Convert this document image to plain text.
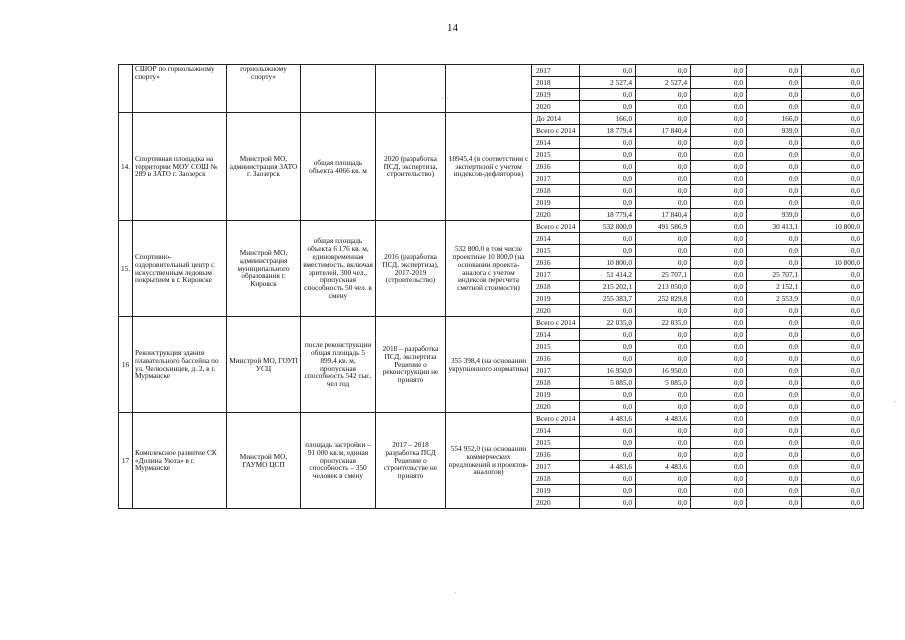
14
	СШОР по горнолыжному спорту»	горнолыжному спорту»				2017	0,0	0,0	0,0	0,0	0,0
						2018	2 527,4	2 527,4	0,0	0,0	0,0
						2019	0,0	0,0	0,0	0,0	0,0
						2020	0,0	0,0	0,0	0,0	0,0
14.	Спортивная площадка на территории МОУ СОШ № 289 в ЗАТО г. Заозерск	Минстрой МО, администрация ЗАТО г. Заозерск	общая площадь объекта 4066 кв. м	2020 (разработка ПСД, экспертиза, строительство)	18945,4 (в соответствии с экспертизой с учетом индексов-дефляторов)	До 2014	166,0	0,0	0,0	166,0	0,0
						Всего с 2014	18 779,4	17 840,4	0,0	939,0	0,0
						2014	0,0	0,0	0,0	0,0	0,0
						2015	0,0	0,0	0,0	0,0	0,0
						2016	0,0	0,0	0,0	0,0	0,0
						2017	0,0	0,0	0,0	0,0	0,0
						2018	0,0	0,0	0,0	0,0	0,0
						2019	0,0	0,0	0,0	0,0	0,0
						2020	18 779,4	17 840,4	0,0	939,0	0,0
15.	Спортивно-оздоровительный центр с искусственным ледовым покрытием в г. Кировске	Минстрой МО, администрация муниципального образования г. Кировск	общая площадь объекта 6 176 кв. м, единовременная вместимость, включая зрителей, 300 чел., пропускная способность 50 чел. в смену	2016 (разработка ПСД, экспертиза), 2017-2019 (строительство)	532 800,0 в том числе проектные 10 800,0 (на основании проекта-аналога с учетом индексов пересчета сметной стоимости)	Всего с 2014	532 800,0	491 586,9	0,0	30 413,1	10 800,0
						2014	0,0	0,0	0,0	0,0	0,0
						2015	0,0	0,0	0,0	0,0	0,0
						2016	10 800,0	0,0	0,0	0,0	10 800,0
						2017	51 414,2	25 707,1	0,0	25 707,1	0,0
						2018	215 202,1	213 050,0	0,0	2 152,1	0,0
						2019	255 383,7	252 829,8	0,0	2 553,9	0,0
						2020	0,0	0,0	0,0	0,0	0,0
16	Реконструкция здания плавательного бассейна по ул. Челюскинцев, д. 2, в г. Мурманске	Минстрой МО, ГОУП УСЦ	после реконструкции общая площадь 5 899,4 кв. м, пропускная способность 542 тыс. чел год	2018 – разработка ПСД, экспертиза Решение о реконструкции не принято	355 398,4 (на основании укрупненного норматива)	Всего с 2014	22 035,0	22 035,0	0,0	0,0	0,0
						2014	0,0	0,0	0,0	0,0	0,0
						2015	0,0	0,0	0,0	0,0	0,0
						2016	0,0	0,0	0,0	0,0	0,0
						2017	16 950,0	16 950,0	0,0	0,0	0,0
						2018	5 085,0	5 085,0	0,0	0,0	0,0
						2019	0,0	0,0	0,0	0,0	0,0
						2020	0,0	0,0	0,0	0,0	0,0
17	Комплексное развитие СК «Долина Уюта» в г. Мурманске	Минстрой МО, ГАУМО ЦСП	площадь застройки – 91 000 кв.м, единая пропускная способность – 350 человек в смену	2017 – 2018 разработка ПСД Решение о строительстве не принято	554 952,0 (на основании коммерческих предложений и проектов-аналогов)	Всего с 2014	4 483,6	4 483,6	0,0	0,0	0,0
						2014	0,0	0,0	0,0	0,0	0,0
						2015	0,0	0,0	0,0	0,0	0,0
						2016	0,0	0,0	0,0	0,0	0,0
						2017	4 483,6	4 483,6	0,0	0,0	0,0
						2018	0,0	0,0	0,0	0,0	0,0
						2019	0,0	0,0	0,0	0,0	0,0
						2020	0,0	0,0	0,0	0,0	0,0
· ·
.
.
